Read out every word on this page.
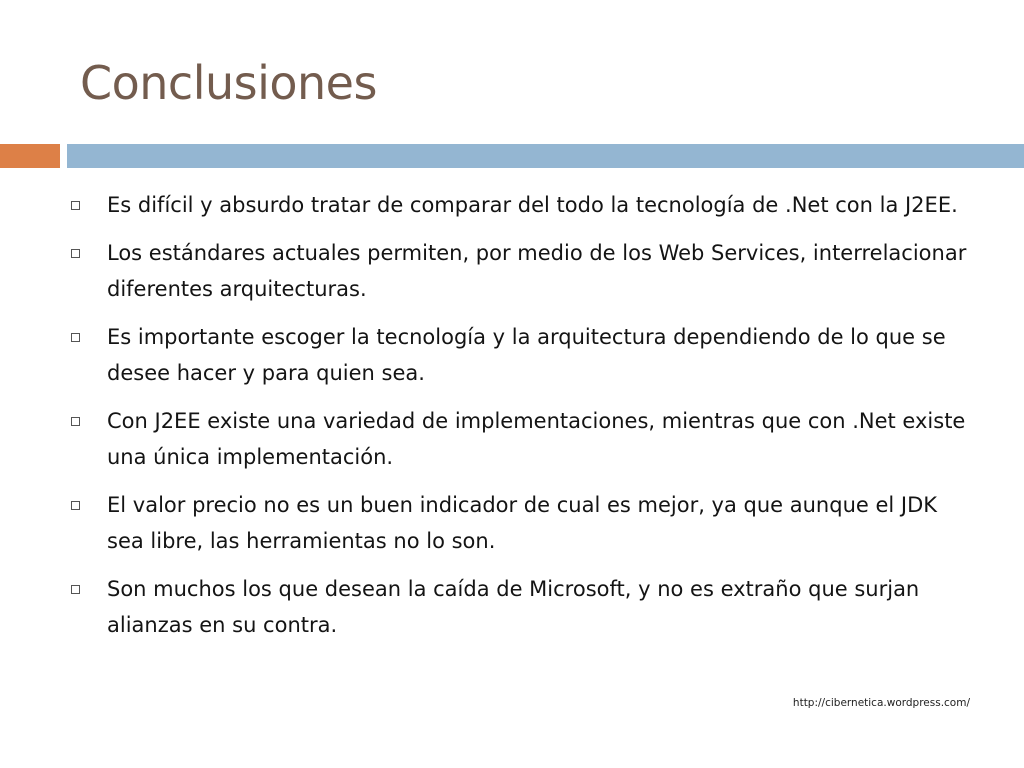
Conclusiones
Es difícil y absurdo tratar de comparar del todo la tecnología de .Net con la J2EE.
Los estándares actuales permiten, por medio de los Web Services, interrelacionar  diferentes arquitecturas.
Es importante escoger la tecnología y la arquitectura dependiendo de lo que se desee hacer y para quien sea.
Con J2EE existe una variedad de implementaciones, mientras que con .Net existe una única implementación.
El valor precio no es un buen indicador de cual es mejor, ya que aunque el JDK sea libre, las herramientas no lo son.
Son muchos los que desean la caída de Microsoft, y no es extraño que surjan alianzas en su contra.
http://cibernetica.wordpress.com/
